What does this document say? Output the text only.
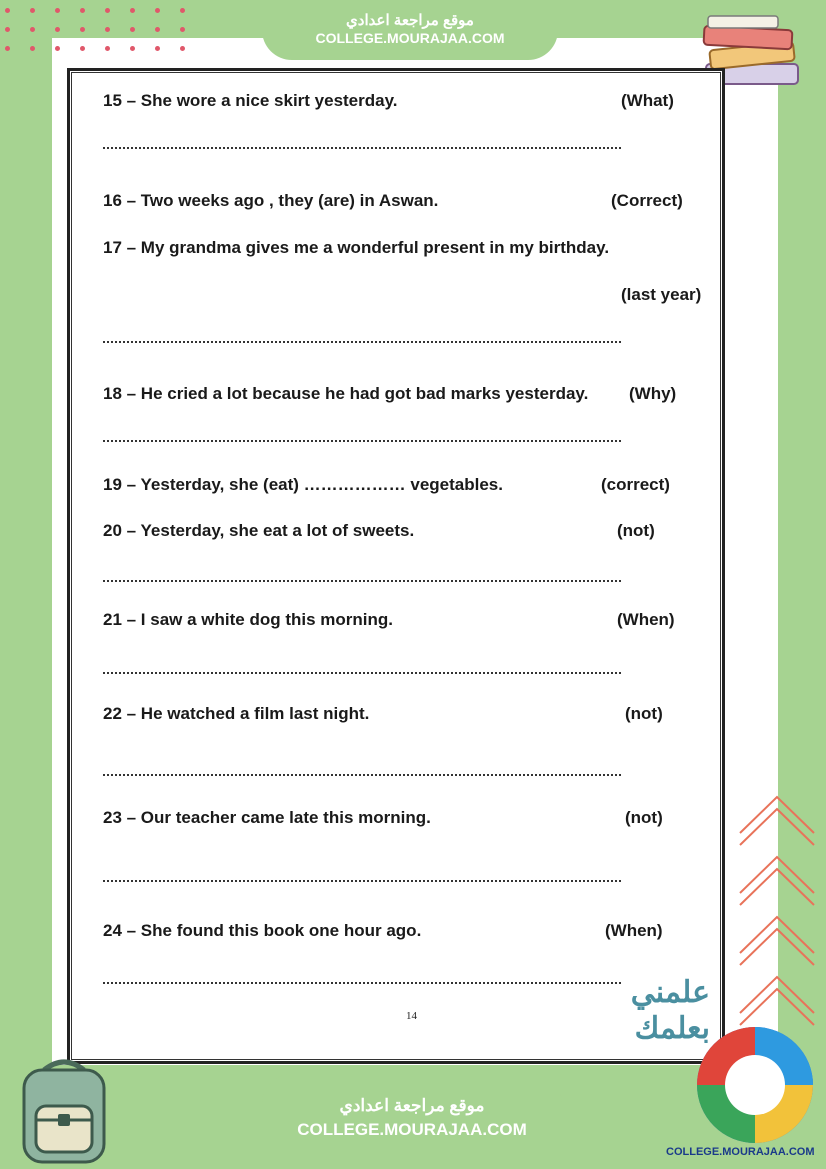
موقع مراجعة اعدادي
COLLEGE.MOURAJAA.COM
15 – She wore a nice skirt yesterday.	(What)
16 – Two weeks ago , they (are) in Aswan.	(Correct)
17 – My grandma gives me a wonderful present in my birthday.
(last year)
18 – He cried a lot because he had got bad marks yesterday. (Why)
19 – Yesterday, she (eat) ……………… vegetables.	(correct)
20 – Yesterday, she eat a lot of sweets.	(not)
21 – I saw a white dog this morning.	(When)
22 – He watched a film last night.	(not)
23 – Our teacher came late this morning.	(not)
24 – She found this book one hour ago.	(When)
14
علمني
بعلمك
موقع مراجعة اعدادي
COLLEGE.MOURAJAA.COM
COLLEGE.MOURAJAA.COM
